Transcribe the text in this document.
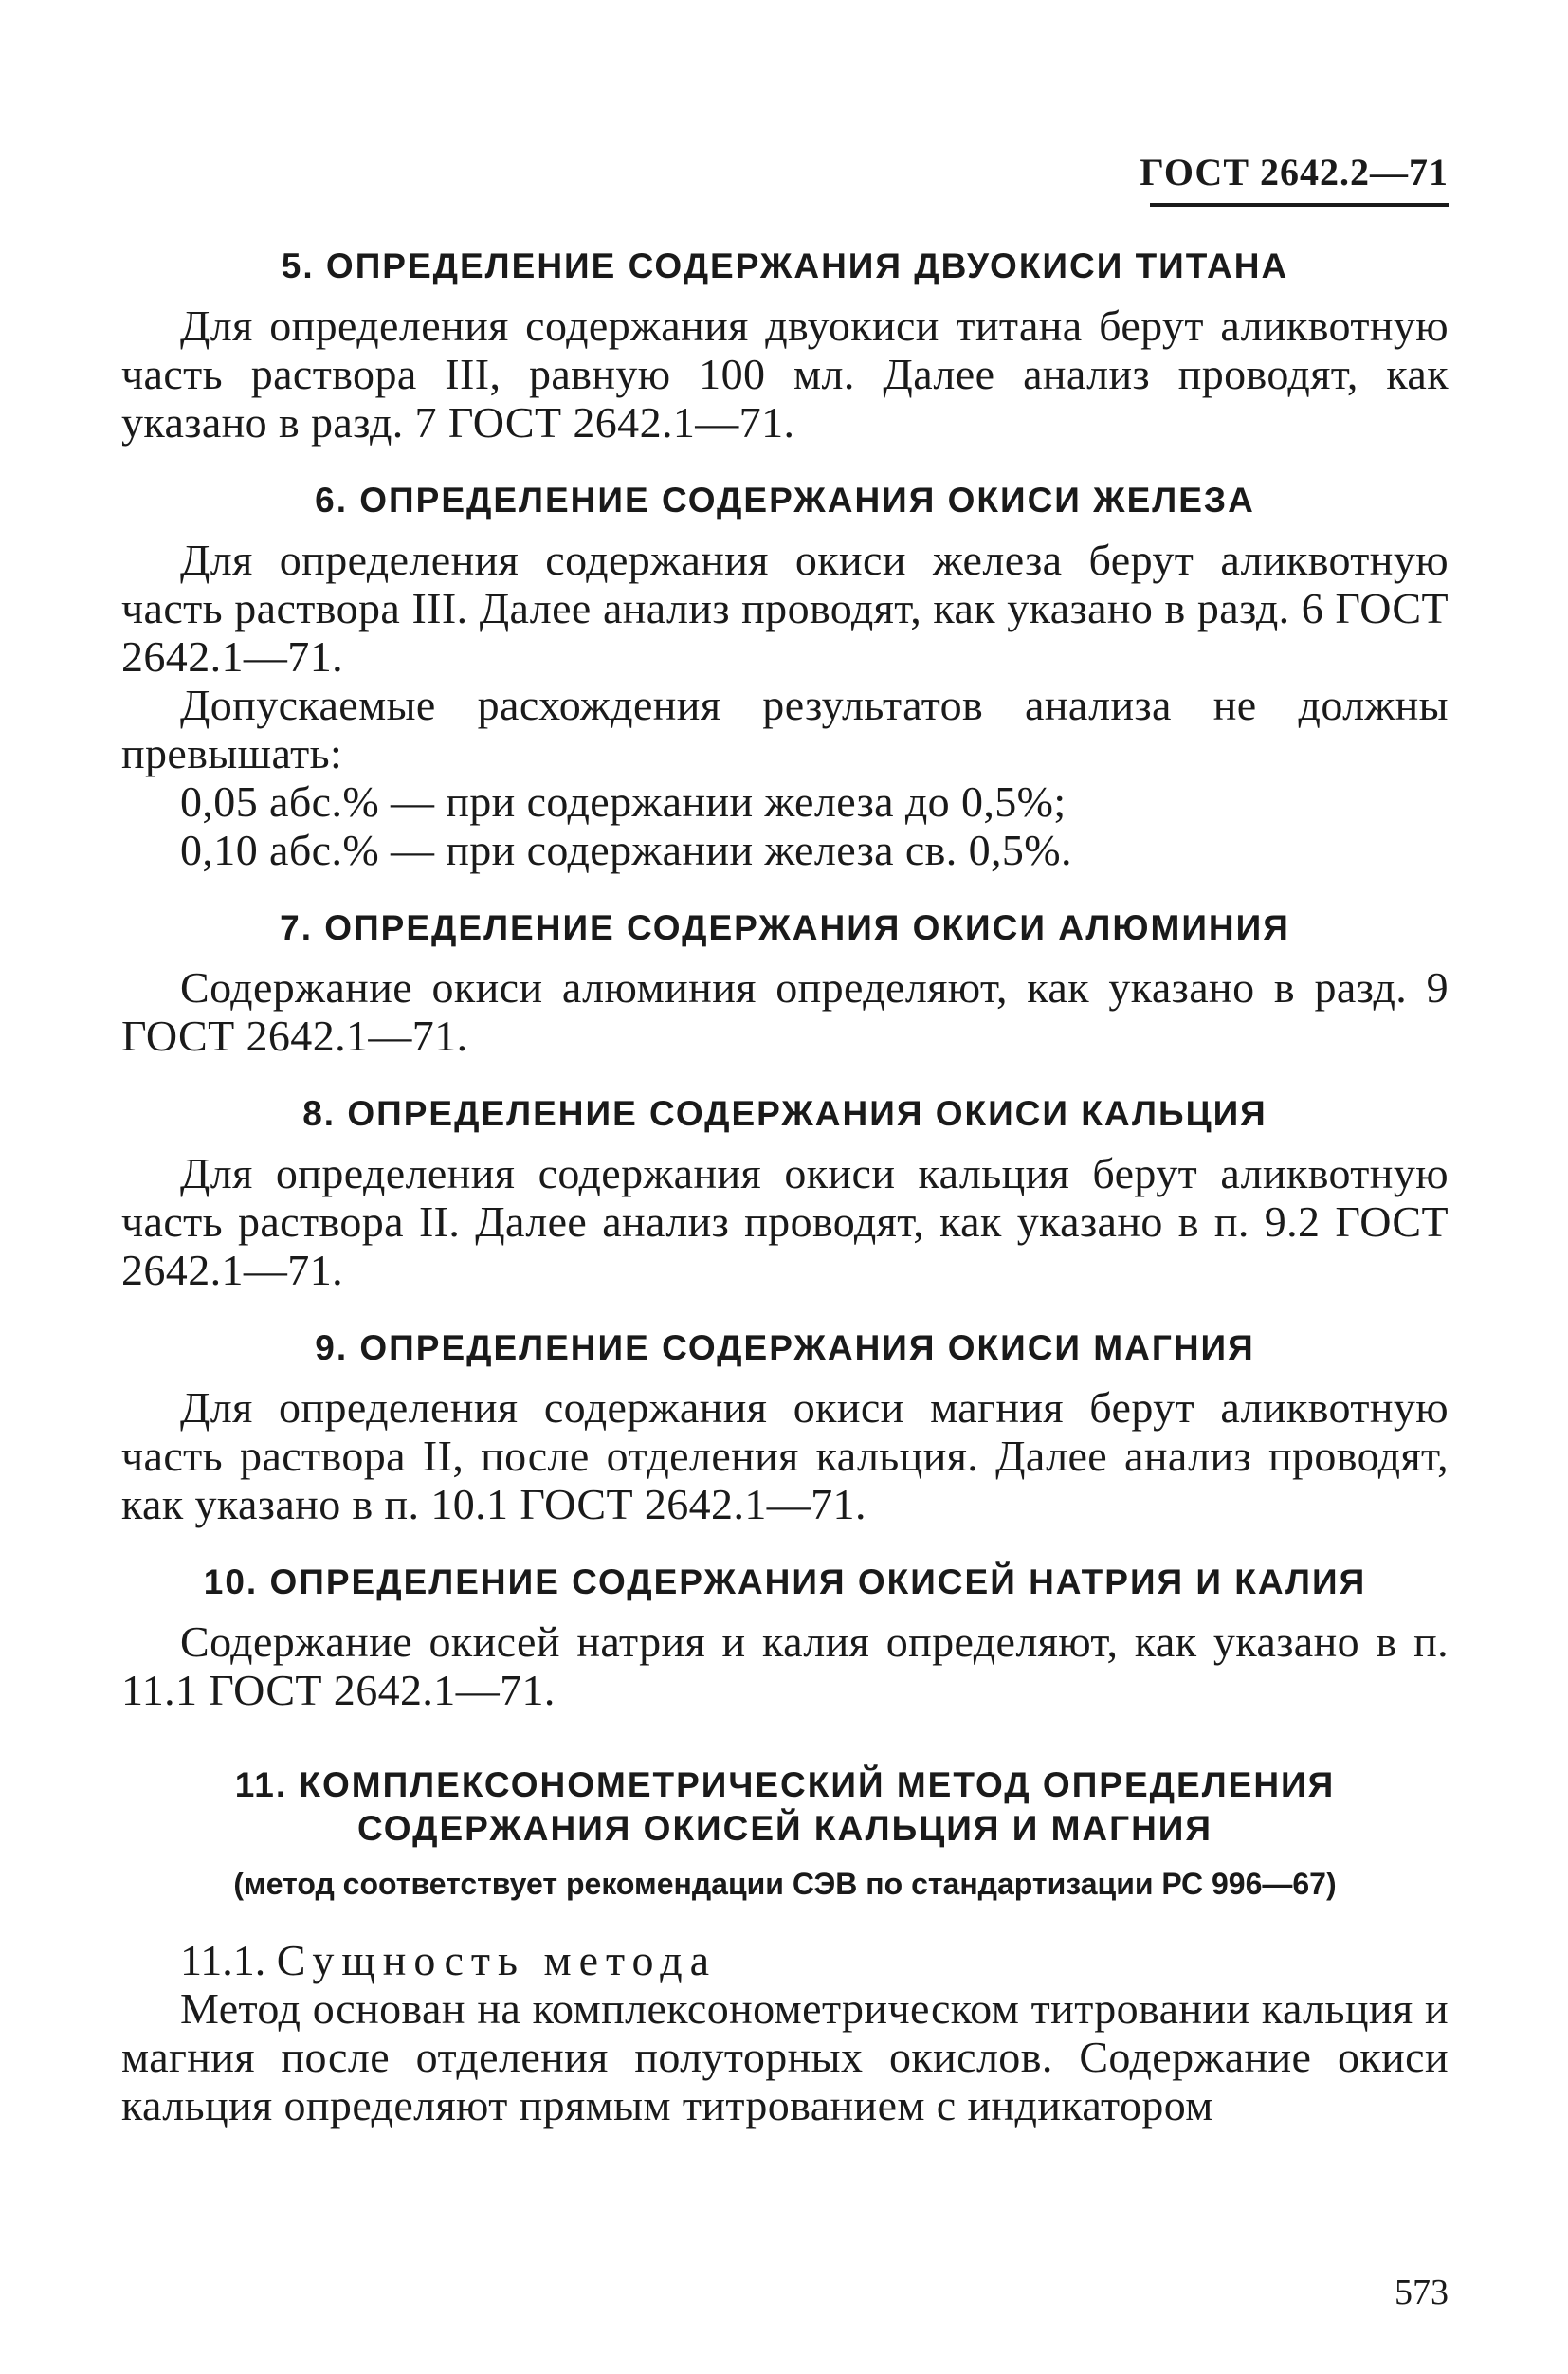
ГОСТ 2642.2—71
5. ОПРЕДЕЛЕНИЕ СОДЕРЖАНИЯ ДВУОКИСИ ТИТАНА

Для определения содержания двуокиси титана берут аликвотную часть раствора III, равную 100 мл. Далее анализ проводят, как указано в разд. 7 ГОСТ 2642.1—71.

6. ОПРЕДЕЛЕНИЕ СОДЕРЖАНИЯ ОКИСИ ЖЕЛЕЗА

Для определения содержания окиси железа берут аликвотную часть раствора III. Далее анализ проводят, как указано в разд. 6 ГОСТ 2642.1—71.

Допускаемые расхождения результатов анализа не должны превышать:

0,05 абс.% — при содержании железа до 0,5%;

0,10 абс.% — при содержании железа св. 0,5%.

7. ОПРЕДЕЛЕНИЕ СОДЕРЖАНИЯ ОКИСИ АЛЮМИНИЯ

Содержание окиси алюминия определяют, как указано в разд. 9 ГОСТ 2642.1—71.

8. ОПРЕДЕЛЕНИЕ СОДЕРЖАНИЯ ОКИСИ КАЛЬЦИЯ

Для определения содержания окиси кальция берут аликвотную часть раствора II. Далее анализ проводят, как указано в п. 9.2 ГОСТ 2642.1—71.

9. ОПРЕДЕЛЕНИЕ СОДЕРЖАНИЯ ОКИСИ МАГНИЯ

Для определения содержания окиси магния берут аликвотную часть раствора II, после отделения кальция. Далее анализ проводят, как указано в п. 10.1 ГОСТ 2642.1—71.

10. ОПРЕДЕЛЕНИЕ СОДЕРЖАНИЯ ОКИСЕЙ НАТРИЯ И КАЛИЯ

Содержание окисей натрия и калия определяют, как указано в п. 11.1 ГОСТ 2642.1—71.

11. КОМПЛЕКСОНОМЕТРИЧЕСКИЙ МЕТОД ОПРЕДЕЛЕНИЯ
СОДЕРЖАНИЯ ОКИСЕЙ КАЛЬЦИЯ И МАГНИЯ

(метод соответствует рекомендации СЭВ по стандартизации РС 996—67)

11.1. Сущность метода

Метод основан на комплексонометрическом титровании кальция и магния после отделения полуторных окислов. Содержание окиси кальция определяют прямым титрованием с индикатором

573
